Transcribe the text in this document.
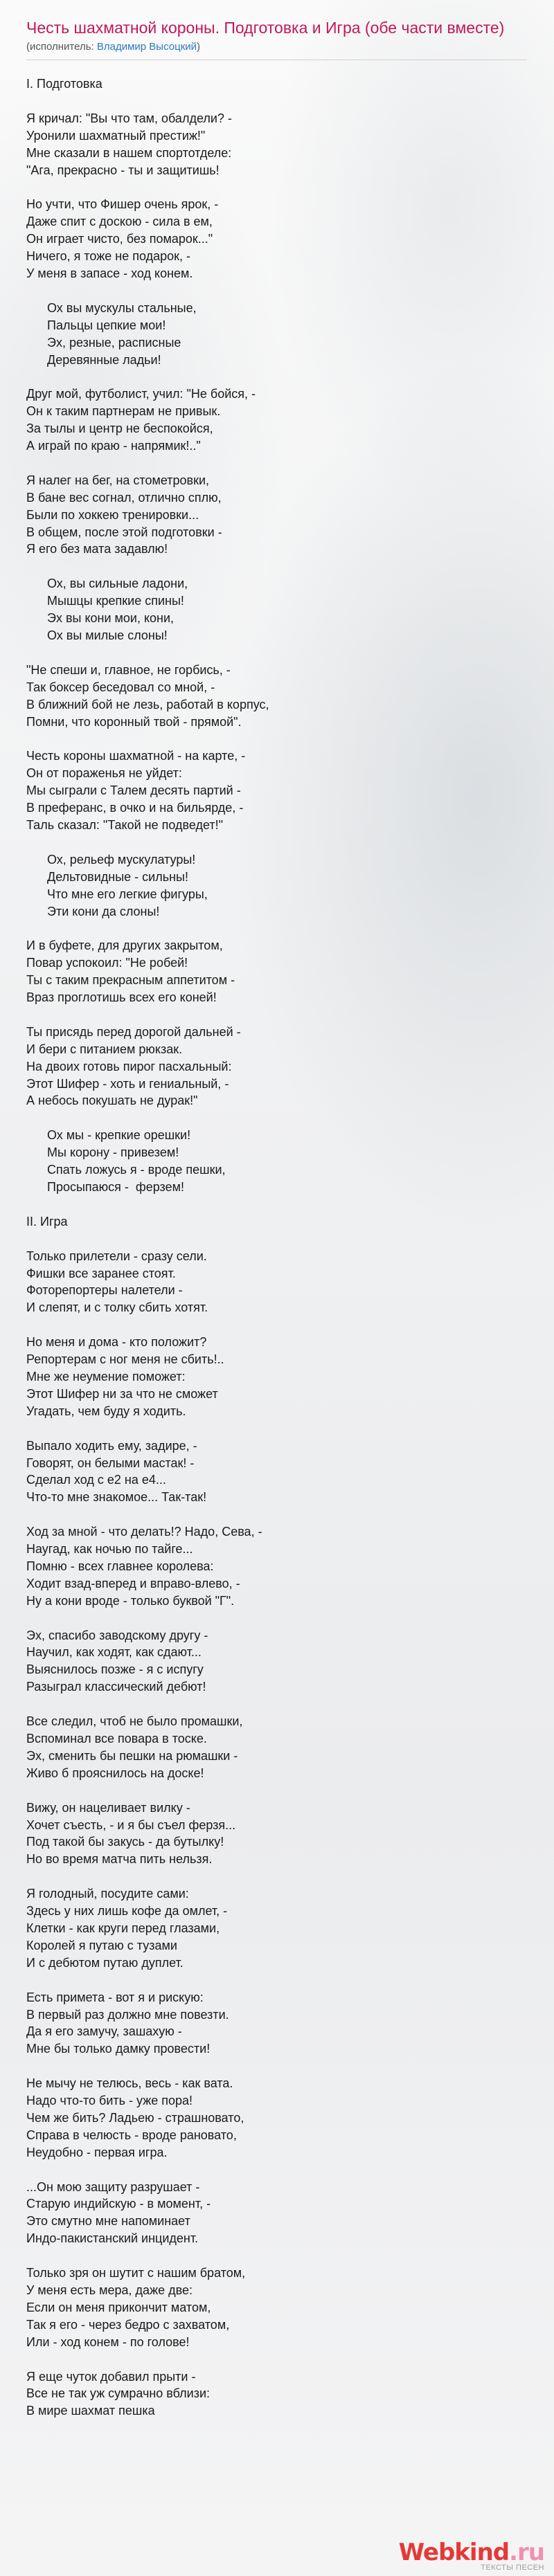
Честь шахматной короны. Подготовка и Игра (обе части вместе)
(исполнитель: Владимир Высоцкий)
I. Подготовка

Я кричал: "Вы что там, обалдели? -
Уронили шахматный престиж!"
Мне сказали в нашем спортотделе:
"Ага, прекрасно - ты и защитишь!

Но учти, что Фишер очень ярок, -
Даже спит с доскою - сила в ем,
Он играет чисто, без помарок..."
Ничего, я тоже не подарок, -
У меня в запасе - ход конем.

Ох вы мускулы стальные,
Пальцы цепкие мои!
Эх, резные, расписные
Деревянные ладьи!

Друг мой, футболист, учил: "Не бойся, -
Он к таким партнерам не привык.
За тылы и центр не беспокойся,
А играй по краю - напрямик!.."

Я налег на бег, на стометровки,
В бане вес согнал, отлично сплю,
Были по хоккею тренировки...
В общем, после этой подготовки -
Я его без мата задавлю!

Ох, вы сильные ладони,
Мышцы крепкие спины!
Эх вы кони мои, кони,
Ох вы милые слоны!

"Не спеши и, главное, не горбись, -
Так боксер беседовал со мной, -
В ближний бой не лезь, работай в корпус,
Помни, что коронный твой - прямой".

Честь короны шахматной - на карте, -
Он от пораженья не уйдет:
Мы сыграли с Талем десять партий -
В преферанс, в очко и на бильярде, -
Таль сказал: "Такой не подведет!"

Ох, рельеф мускулатуры!
Дельтовидные - сильны!
Что мне его легкие фигуры,
Эти кони да слоны!

И в буфете, для других закрытом,
Повар успокоил: "Не робей!
Ты с таким прекрасным аппетитом -
Враз проглотишь всех его коней!

Ты присядь перед дорогой дальней -
И бери с питанием рюкзак.
На двоих готовь пирог пасхальный:
Этот Шифер - хоть и гениальный, -
А небось покушать не дурак!"

Ох мы - крепкие орешки!
Мы корону - привезем!
Спать ложусь я - вроде пешки,
Просыпаюся -  ферзем!

II. Игра

Только прилетели - сразу сели.
Фишки все заранее стоят.
Фоторепортеры налетели -
И слепят, и с толку сбить хотят.

Но меня и дома - кто положит?
Репортерам с ног меня не сбить!..
Мне же неумение поможет:
Этот Шифер ни за что не сможет
Угадать, чем буду я ходить.

Выпало ходить ему, задире, -
Говорят, он белыми мастак! -
Сделал ход с е2 на е4...
Что-то мне знакомое... Так-так!

Ход за мной - что делать!? Надо, Сева, -
Наугад, как ночью по тайге...
Помню - всех главнее королева:
Ходит взад-вперед и вправо-влево, -
Ну а кони вроде - только буквой "Г".

Эх, спасибо заводскому другу -
Научил, как ходят, как сдают...
Выяснилось позже - я с испугу
Разыграл классический дебют!

Все следил, чтоб не было промашки,
Вспоминал все повара в тоске.
Эх, сменить бы пешки на рюмашки -
Живо б прояснилось на доске!

Вижу, он нацеливает вилку -
Хочет съесть, - и я бы съел ферзя...
Под такой бы закусь - да бутылку!
Но во время матча пить нельзя.

Я голодный, посудите сами:
Здесь у них лишь кофе да омлет, -
Клетки - как круги перед глазами,
Королей я путаю с тузами
И с дебютом путаю дуплет.

Есть примета - вот я и рискую:
В первый раз должно мне повезти.
Да я его замучу, зашахую -
Мне бы только дамку провести!

Не мычу не телюсь, весь - как вата.
Надо что-то бить - уже пора!
Чем же бить? Ладьею - страшновато,
Справа в челюсть - вроде рановато,
Неудобно - первая игра.

...Он мою защиту разрушает -
Старую индийскую - в момент, -
Это смутно мне напоминает
Индо-пакистанский инцидент.

Только зря он шутит с нашим братом,
У меня есть мера, даже две:
Если он меня прикончит матом,
Так я его - через бедро с захватом,
Или - ход конем - по голове!

Я еще чуток добавил прыти -
Все не так уж сумрачно вблизи:
В мире шахмат пешка
Webkind.ru
ТЕКСТЫ ПЕСЕН
